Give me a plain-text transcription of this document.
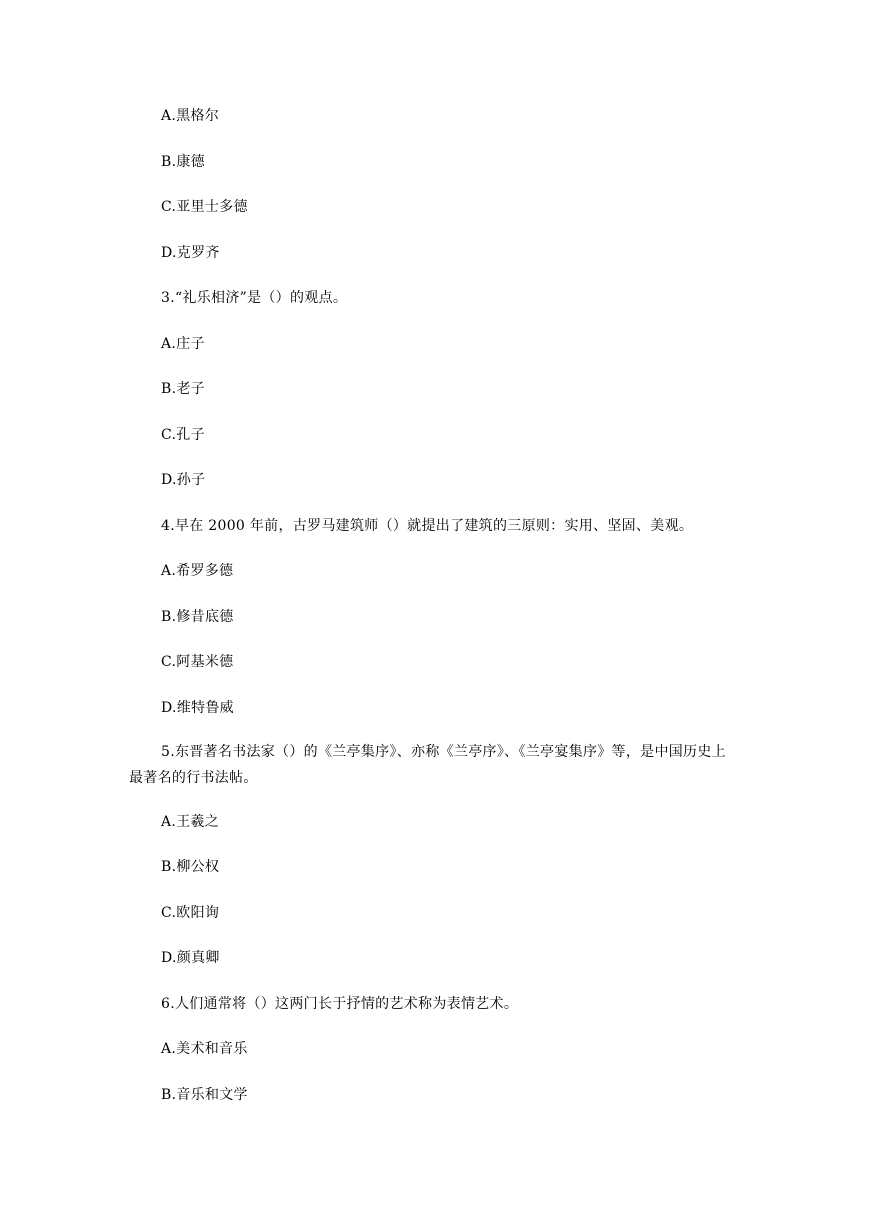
A.黑格尔
B.康德
C.亚里士多德
D.克罗齐
3.“礼乐相济”是（）的观点。
A.庄子
B.老子
C.孔子
D.孙子
4.早在 2000 年前，古罗马建筑师（）就提出了建筑的三原则：实用、坚固、美观。
A.希罗多德
B.修昔底德
C.阿基米德
D.维特鲁威
5.东晋著名书法家（）的《兰亭集序》、亦称《兰亭序》、《兰亭宴集序》等，是中国历史上最著名的行书法帖。
A.王羲之
B.柳公权
C.欧阳询
D.颜真卿
6.人们通常将（）这两门长于抒情的艺术称为表情艺术。
A.美术和音乐
B.音乐和文学
